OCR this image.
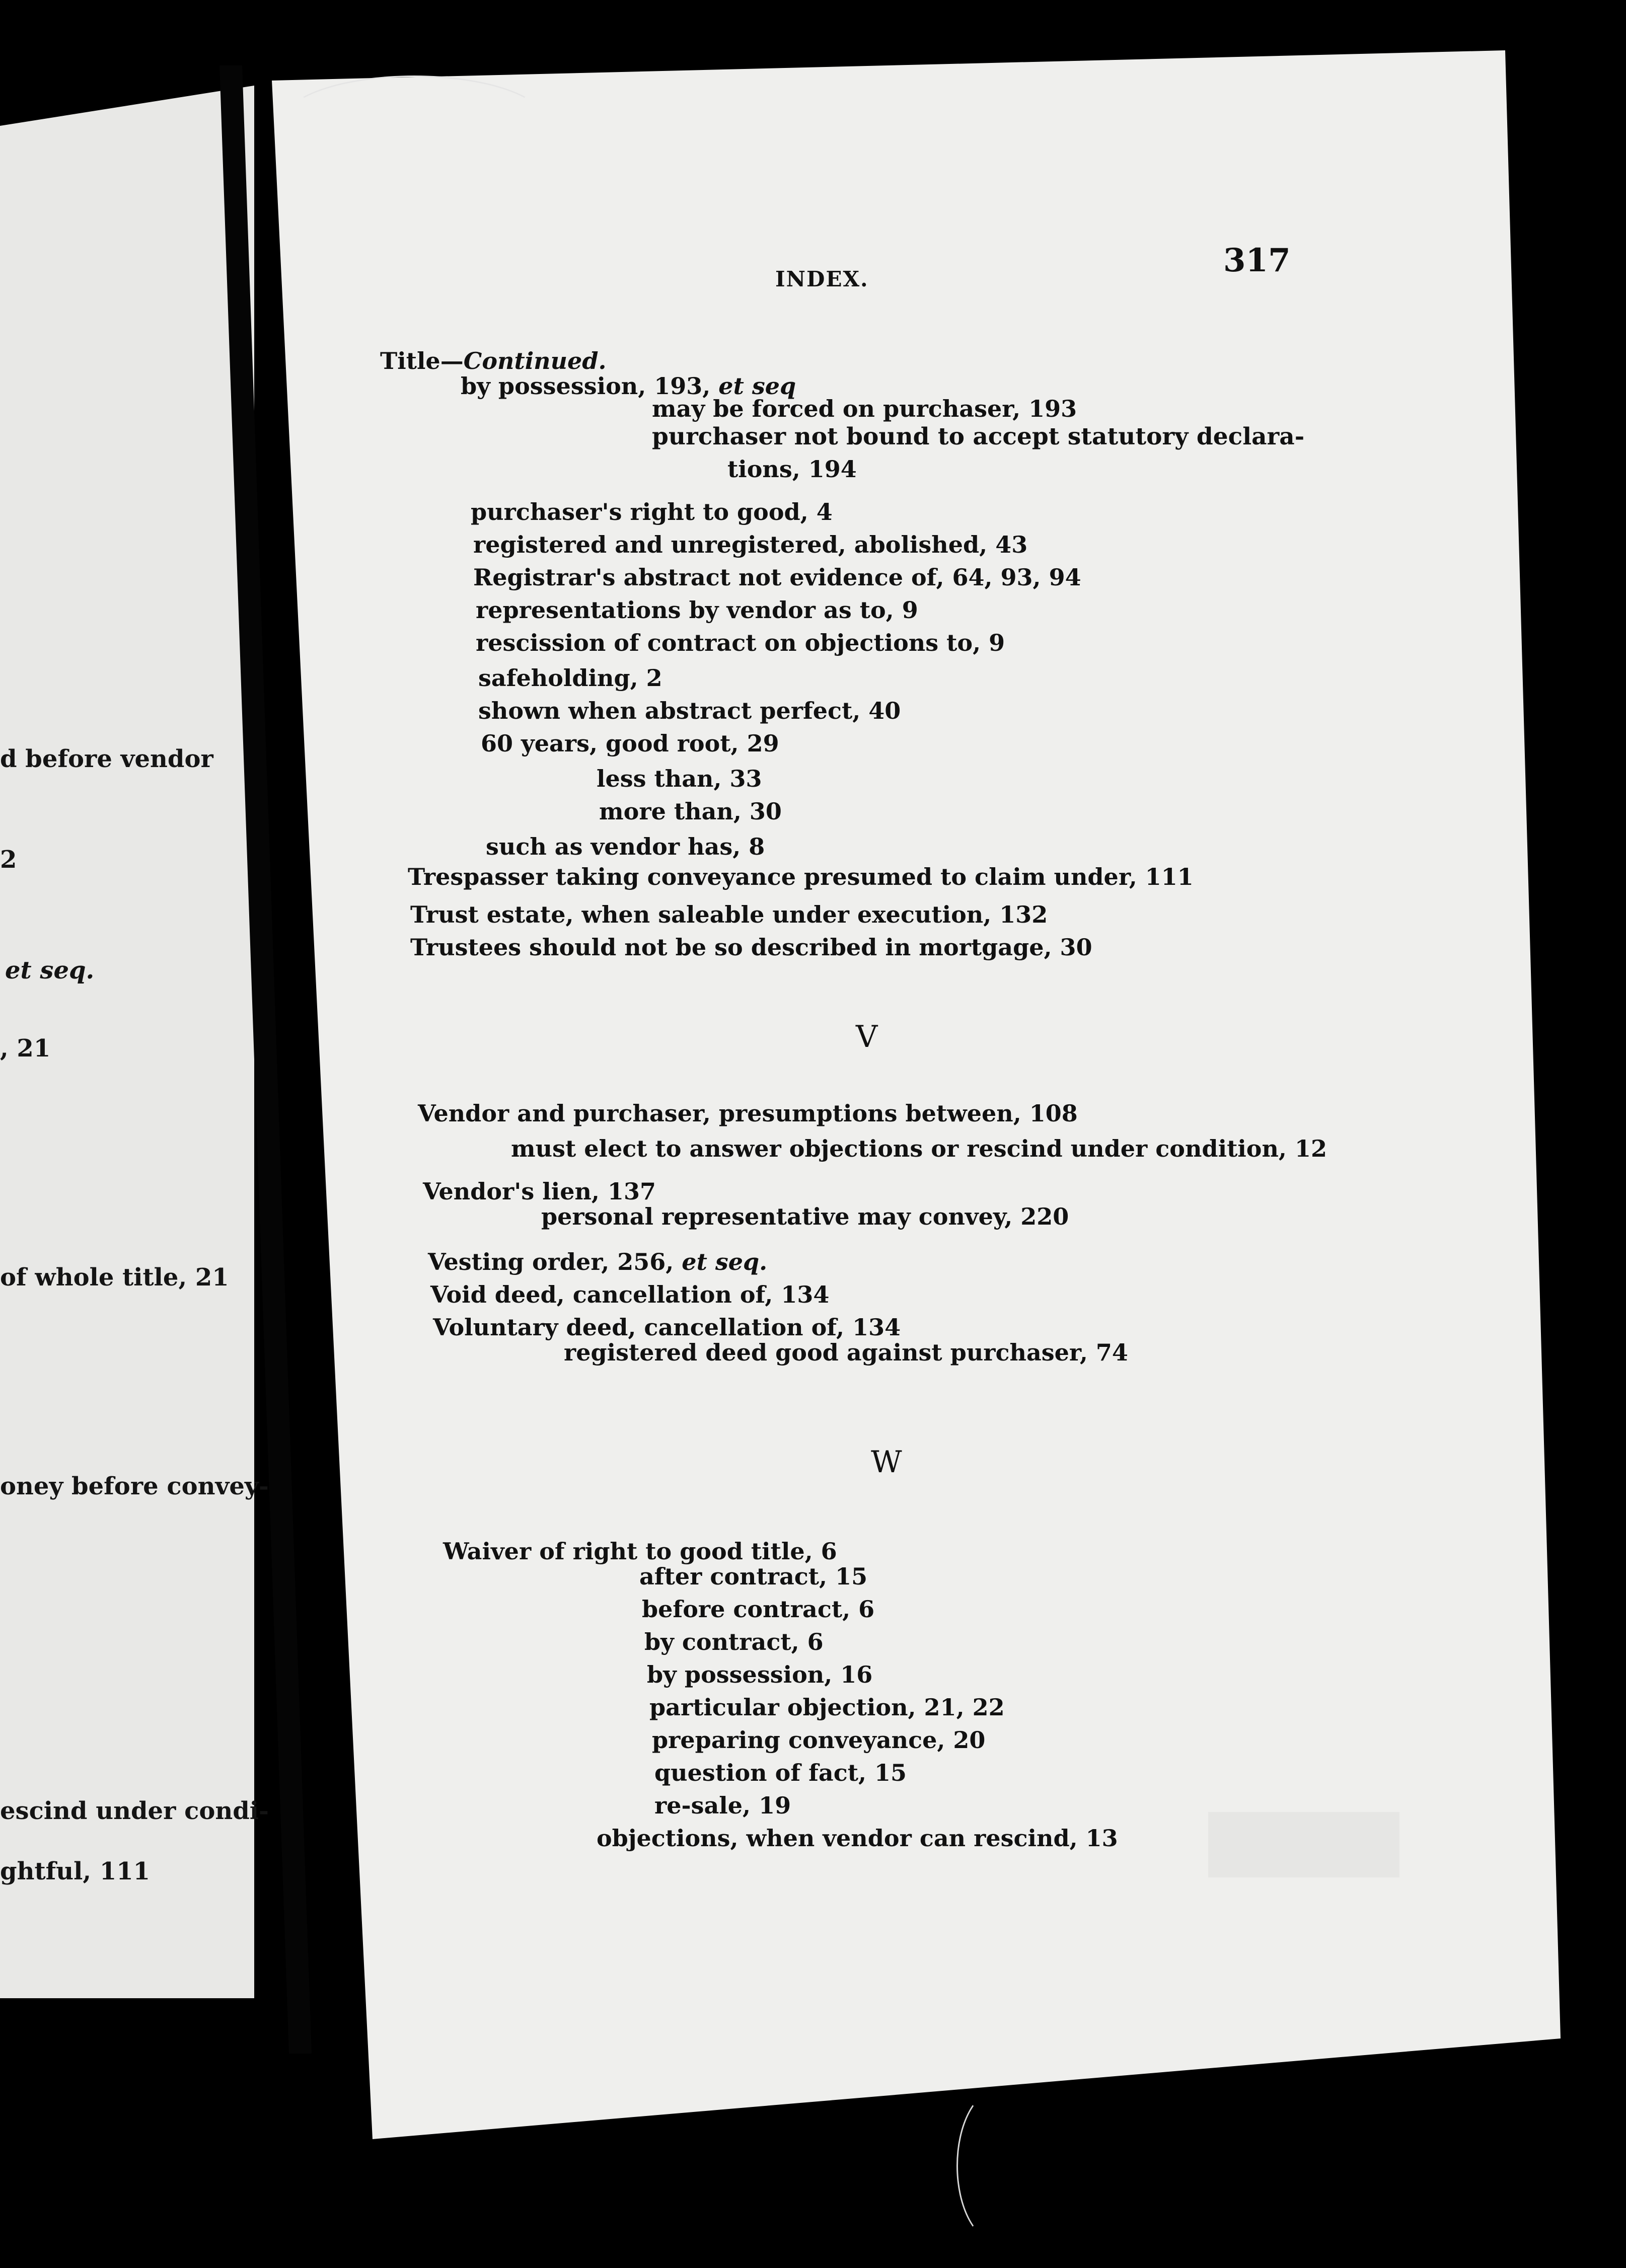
d before vendor
2
et seq.
, 21
of whole title, 21
oney before convey-
escind under condi-
ghtful, 111
INDEX.	317
Title—Continued.
by possession, 193, et seq
may be forced on purchaser, 193
purchaser not bound to accept statutory declara-
tions, 194
purchaser's right to good, 4
registered and unregistered, abolished, 43
Registrar's abstract not evidence of, 64, 93, 94
representations by vendor as to, 9
rescission of contract on objections to, 9
safeholding, 2
shown when abstract perfect, 40
60 years, good root, 29
less than, 33
more than, 30
such as vendor has, 8
Trespasser taking conveyance presumed to claim under, 111
Trust estate, when saleable under execution, 132
Trustees should not be so described in mortgage, 30
V
Vendor and purchaser, presumptions between, 108
must elect to answer objections or rescind under condition, 12
Vendor's lien, 137
personal representative may convey, 220
Vesting order, 256, et seq.
Void deed, cancellation of, 134
Voluntary deed, cancellation of, 134
registered deed good against purchaser, 74
W
Waiver of right to good title, 6
after contract, 15
before contract, 6
by contract, 6
by possession, 16
particular objection, 21, 22
preparing conveyance, 20
question of fact, 15
re-sale, 19
objections, when vendor can rescind, 13
